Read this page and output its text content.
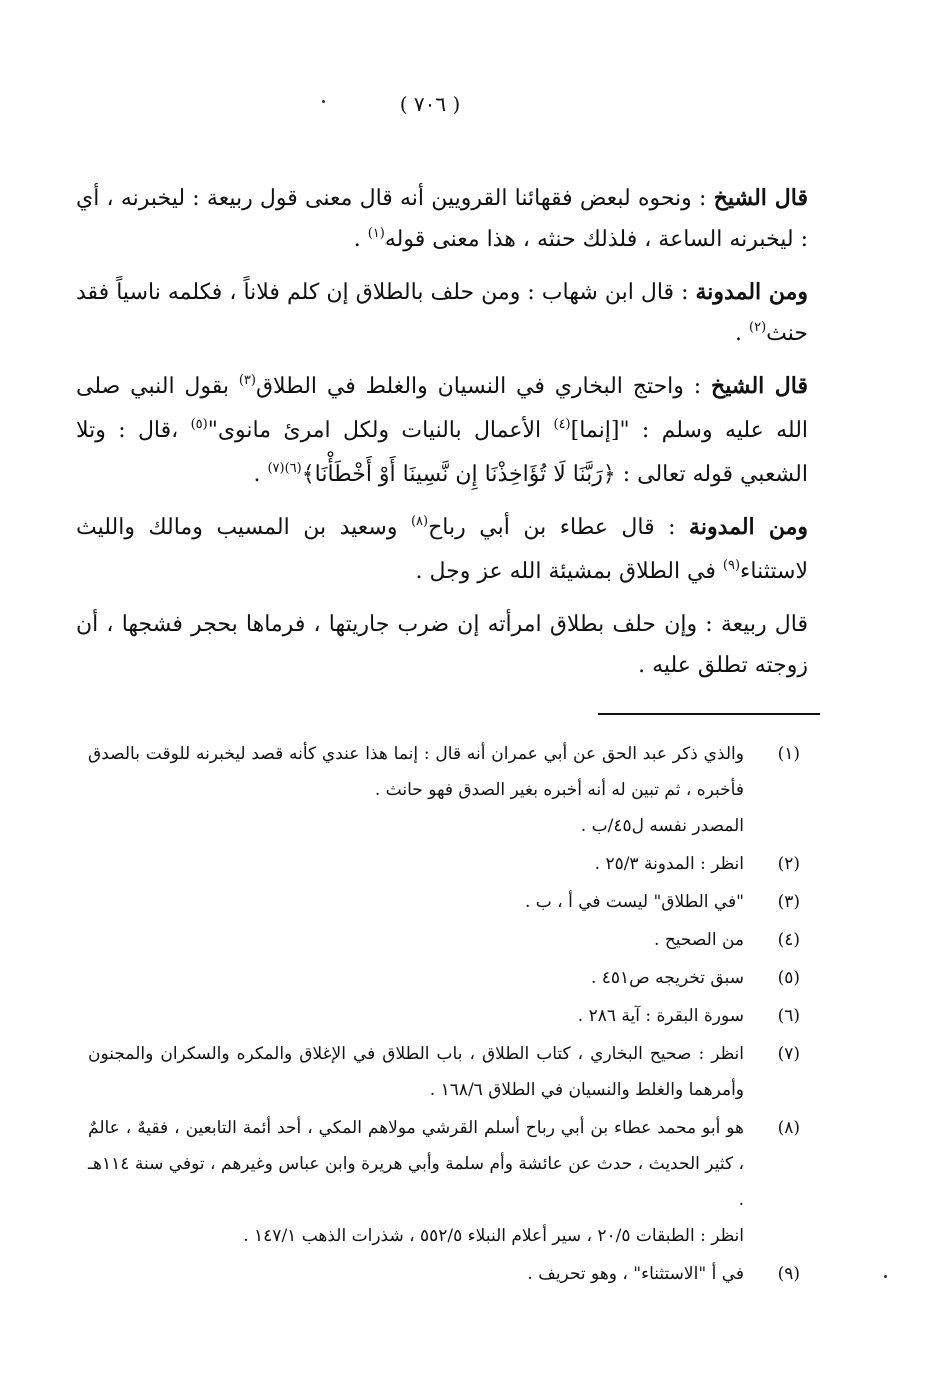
( ٧٠٦ )

قال الشيخ : ونحوه لبعض فقهائنا القرويين أنه قال معنى قول ربيعة : ليخبرنه ، أي : ليخبرنه الساعة ، فلذلك حنثه ، هذا معنى قوله$^{(١)}$ .

ومن المدونة : قال ابن شهاب : ومن حلف بالطلاق إن كلم فلاناً ، فكلمه ناسياً فقد حنث$^{(٢)}$ .

قال الشيخ : واحتج البخاري في النسيان والغلط في الطلاق$^{(٣)}$ بقول النبي صلى الله عليه وسلم : "[إنما]$^{(٤)}$ الأعمال بالنيات ولكل امرئ مانوى"$^{(٥)}$ ،قال : وتلا الشعبي قوله تعالى : ﴿رَبَّنَا لَا تُؤَاخِذْنَا إِن نَّسِينَا أَوْ أَخْطَأْنَا﴾$^{(٦)(٧)}$ .

ومن المدونة : قال عطاء بن أبي رباح$^{(٨)}$ وسعيد بن المسيب ومالك والليث لاستثناء$^{(٩)}$ في الطلاق بمشيئة الله عز وجل .

قال ربيعة : وإن حلف بطلاق امرأته إن ضرب جاريتها ، فرماها بحجر فشجها ، أن زوجته تطلق عليه .

(١)
والذي ذكر عبد الحق عن أبي عمران أنه قال : إنما هذا عندي كأنه قصد ليخبرنه للوقت بالصدق فأخبره ، ثم تبين له أنه أخبره بغير الصدق فهو حانث .
المصدر نفسه ل٤٥/ب .
(٢)
انظر : المدونة ٢٥/٣ .
(٣)
"في الطلاق" ليست في أ ، ب .
(٤)
من الصحيح .
(٥)
سبق تخريجه ص٤٥١ .
(٦)
سورة البقرة : آية ٢٨٦ .
(٧)
انظر : صحيح البخاري ، كتاب الطلاق ، باب الطلاق في الإغلاق والمكره والسكران والمجنون وأمرهما والغلط والنسيان في الطلاق ١٦٨/٦ .
(٨)
هو أبو محمد عطاء بن أبي رباح أسلم القرشي مولاهم المكي ، أحد أئمة التابعين ، فقيهٌ ، عالمٌ ، كثير الحديث ، حدث عن عائشة وأم سلمة وأبي هريرة وابن عباس وغيرهم ، توفي سنة ١١٤هـ .
انظر : الطبقات ٢٠/٥ ، سير أعلام النبلاء ٥٥٢/٥ ، شذرات الذهب ١٤٧/١ .
(٩)
في أ "الاستثناء" ، وهو تحريف .
